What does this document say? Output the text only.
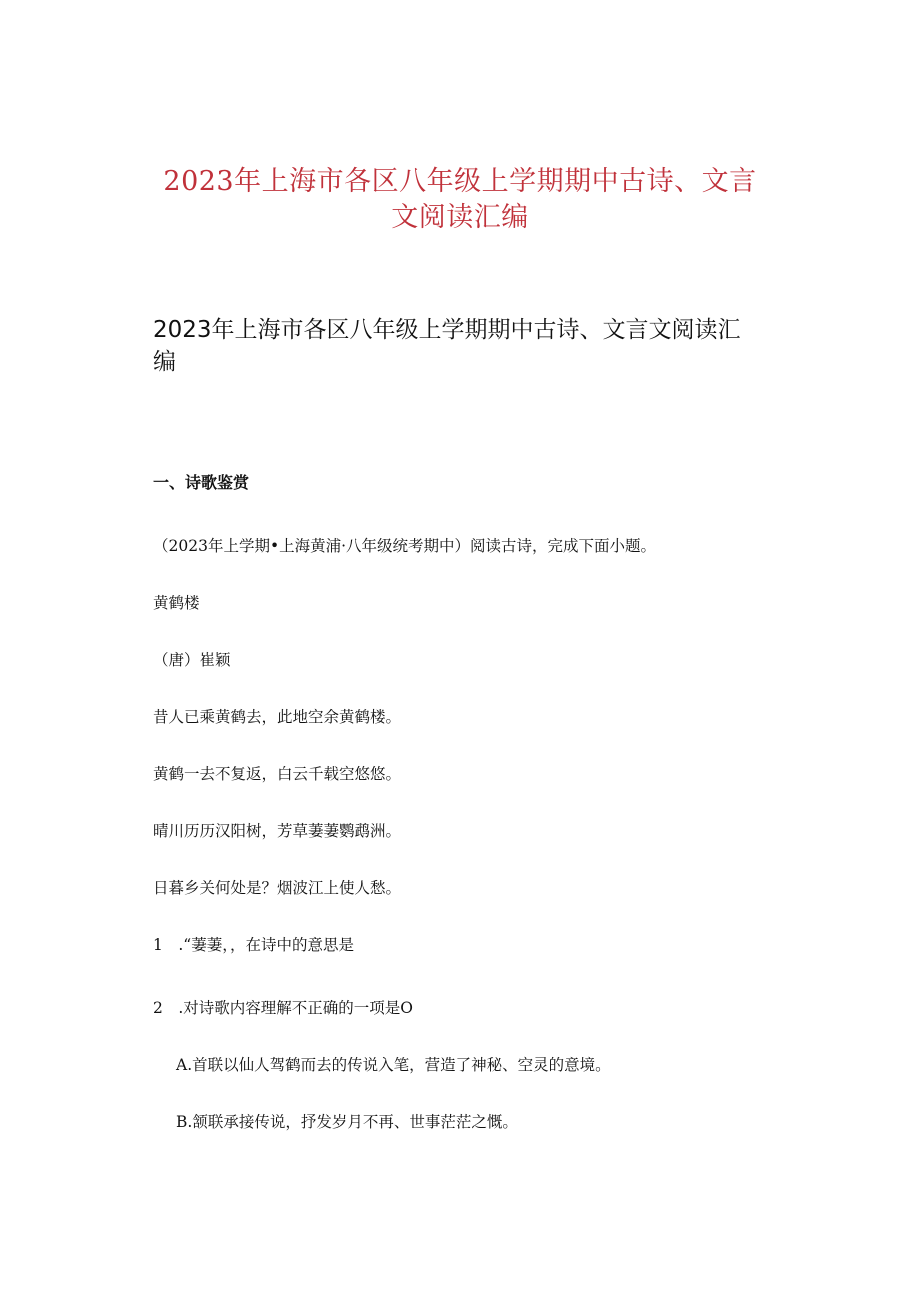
2023年上海市各区八年级上学期期中古诗、文言
文阅读汇编
2023年上海市各区八年级上学期期中古诗、文言文阅读汇编
一、诗歌鉴赏
（2023年上学期•上海黄浦·八年级统考期中）阅读古诗，完成下面小题。
黄鹤楼
（唐）崔颖
昔人已乘黄鹤去，此地空余黄鹤楼。
黄鹤一去不复返，白云千载空悠悠。
晴川历历汉阳树，芳草萋萋鹦鹉洲。
日暮乡关何处是？烟波江上使人愁。
1　.“萋萋，，在诗中的意思是
2　.对诗歌内容理解不正确的一项是O
A.首联以仙人驾鹤而去的传说入笔，营造了神秘、空灵的意境。
B.颔联承接传说，抒发岁月不再、世事茫茫之慨。
